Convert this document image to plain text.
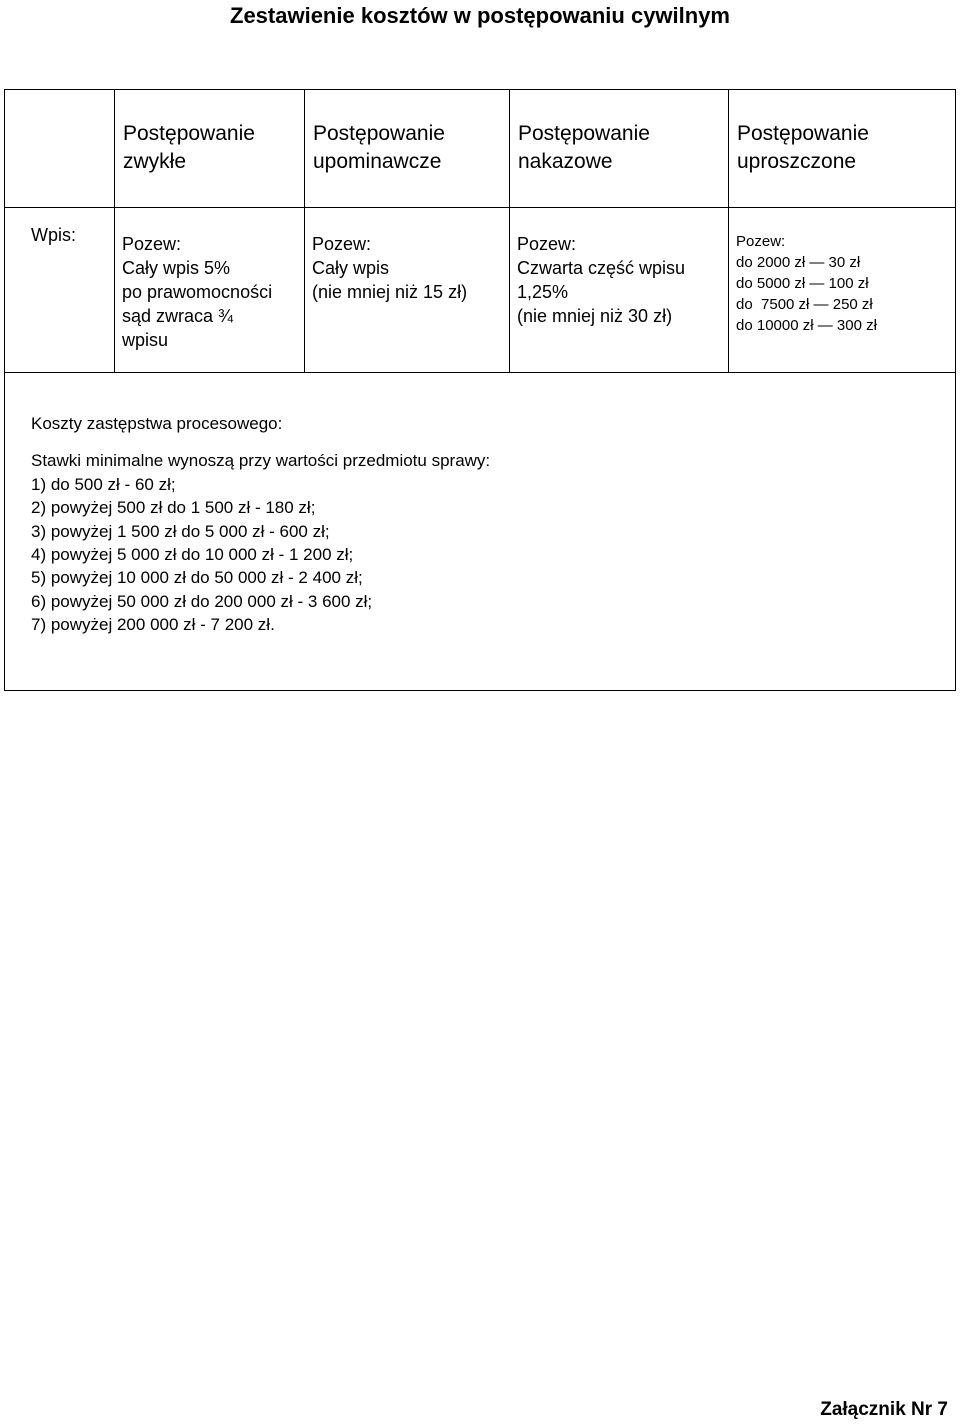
Zestawienie kosztów w postępowaniu cywilnym
Postępowanie zwykłe
Postępowanie upominawcze
Postępowanie nakazowe
Postępowanie uproszczone
Wpis:	Pozew:
Cały wpis 5%
po prawomocności
sąd zwraca ¾
wpisu
Pozew:
Cały wpis
(nie mniej niż 15 zł)
Pozew:
Czwarta część wpisu
1,25%
(nie mniej niż 30 zł)
Pozew:
do 2000 zł — 30 zł
do 5000 zł — 100 zł
do  7500 zł — 250 zł
do 10000 zł — 300 zł
Koszty zastępstwa procesowego:
Stawki minimalne wynoszą przy wartości przedmiotu sprawy:
1) do 500 zł - 60 zł;
2) powyżej 500 zł do 1 500 zł - 180 zł;
3) powyżej 1 500 zł do 5 000 zł - 600 zł;
4) powyżej 5 000 zł do 10 000 zł - 1 200 zł;
5) powyżej 10 000 zł do 50 000 zł - 2 400 zł;
6) powyżej 50 000 zł do 200 000 zł - 3 600 zł;
7) powyżej 200 000 zł - 7 200 zł.
Załącznik Nr 7
